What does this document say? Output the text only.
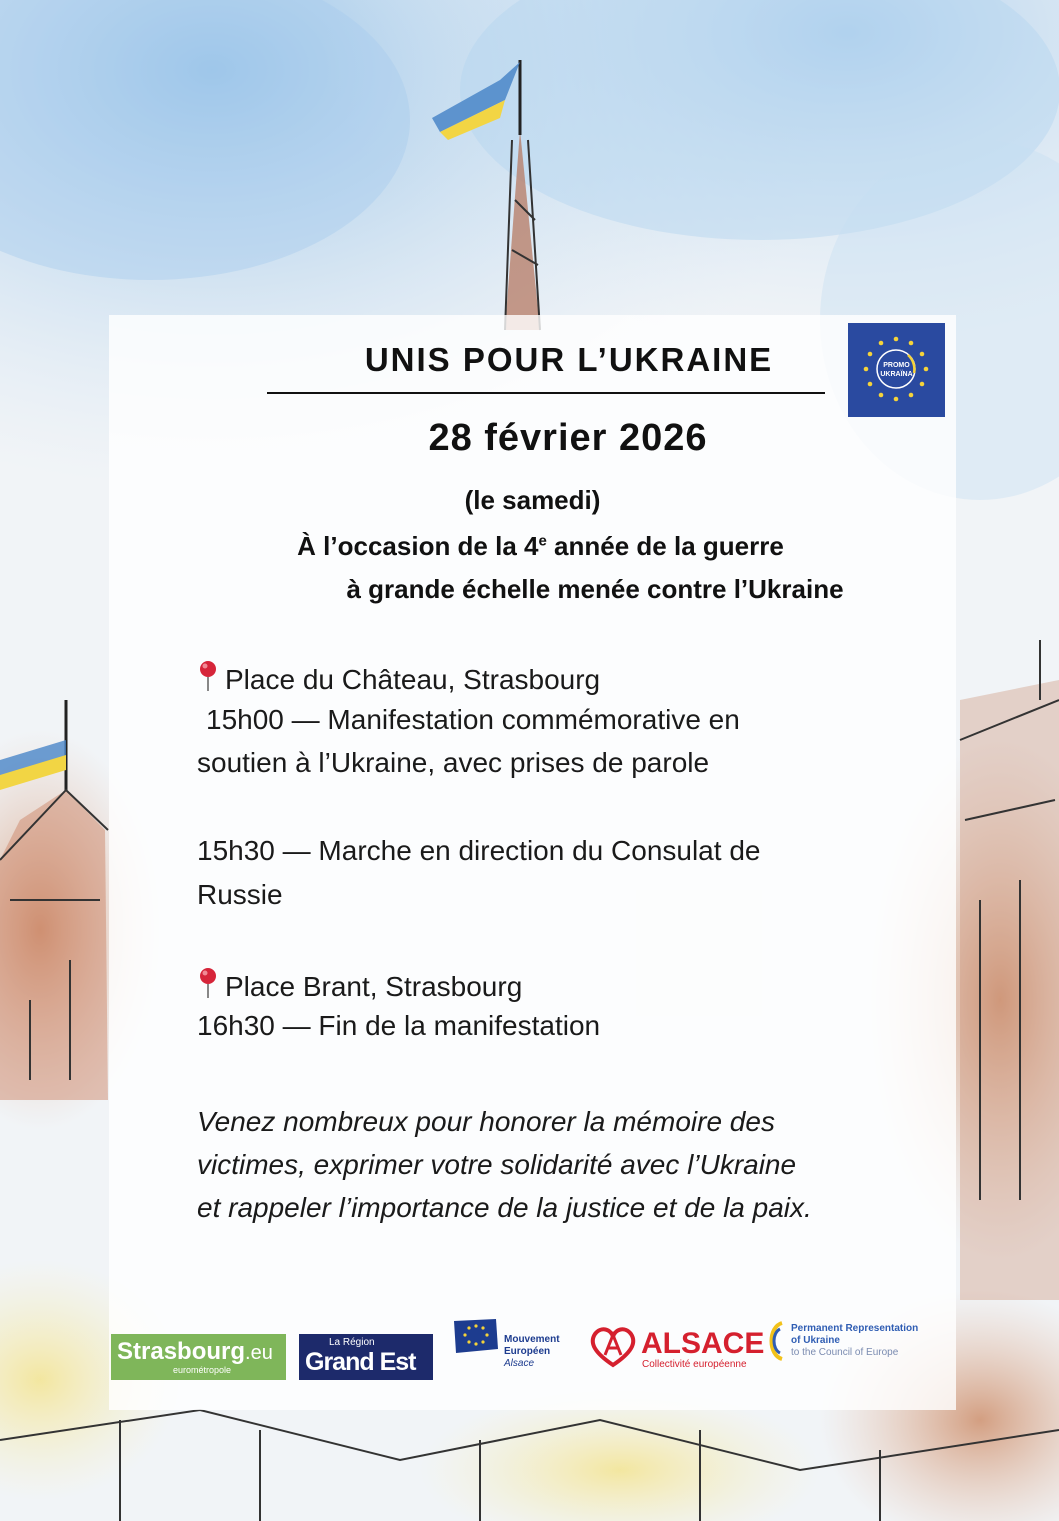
UNIS POUR L’UKRAINE	PROMO
UKRAÏNA
28 février 2026
(le samedi)
À l’occasion de la 4e année de la guerre
à grande échelle menée contre l’Ukraine
Place du Château, Strasbourg
15h00 — Manifestation commémorative en
soutien à l’Ukraine, avec prises de parole
15h30 — Marche en direction du Consulat de
Russie
Place Brant, Strasbourg
16h30 — Fin de la manifestation
Venez nombreux pour honorer la mémoire des
victimes, exprimer votre solidarité avec l’Ukraine
et rappeler l’importance de la justice et de la paix.
Strasbourg.eu
eurométropole
La Région
Grand Est
Mouvement
Européen
Alsace
ALSACE
Collectivité européenne
Permanent Representation
of Ukraine
to the Council of Europe
